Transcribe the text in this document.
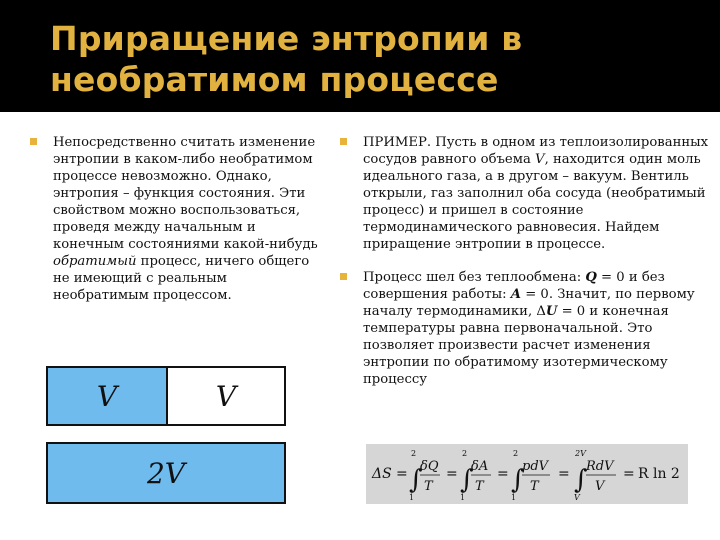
Приращение энтропии в необратимом процессе

Непосредственно считать изменение энтропии в каком-либо необратимом процессе невозможно. Однако, энтропия – функция состояния. Эти свойством можно воспользоваться, проведя между начальным и конечным состояниями какой-нибудь обратимый процесс, ничего общего не имеющий с реальным необратимым процессом.

ПРИМЕР. Пусть в одном из теплоизолированных сосудов равного объема V, находится один моль идеального газа, а в другом – вакуум. Вентиль открыли, газ заполнил оба сосуда (необратимый процесс) и пришел в состояние термодинамического равновесия. Найдем приращение энтропии в процессе.

Процесс шел без теплообмена: Q = 0 и без совершения работы: A = 0. Значит, по первому началу термодинамики, ΔU = 0 и конечная температуры равна первоначальной. Это позволяет произвести расчет изменения энтропии по обратимому изотермическому процессу

V	V
2V	ΔS = ∫
2
1
δQ
T
= ∫
2
1
δA
T
= ∫
2
1
pdV
T
= ∫
2V
V
RdV
V
= R ln 2
